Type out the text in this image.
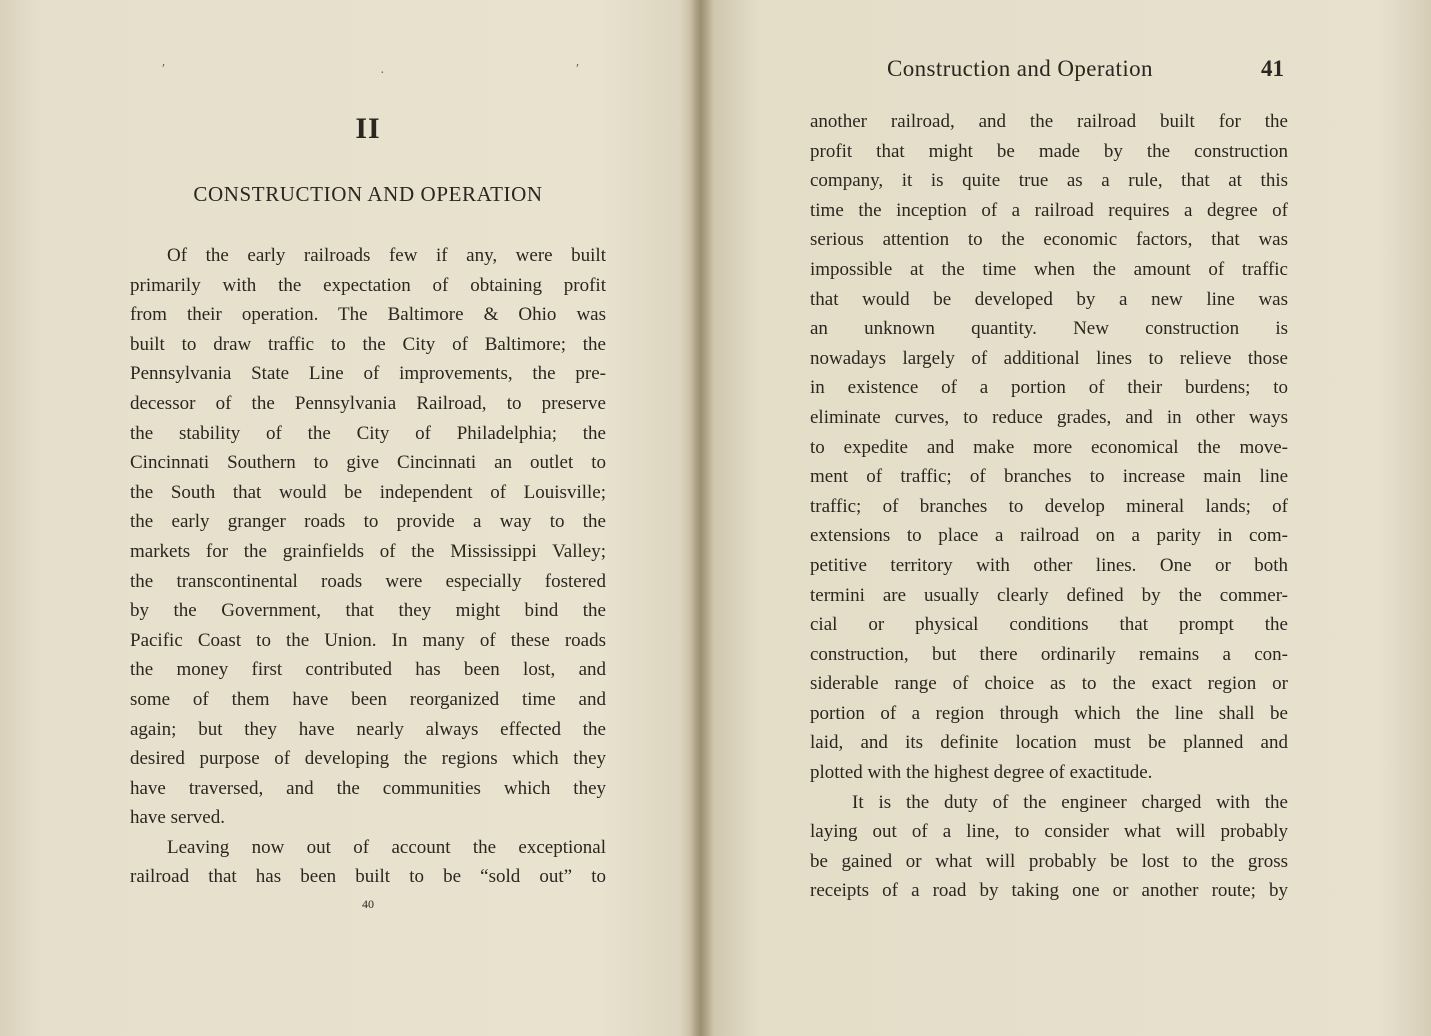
′	·	′
II
CONSTRUCTION AND OPERATION
Of the early railroads few if any, were built
primarily with the expectation of obtaining profit
from their operation. The Baltimore & Ohio was
built to draw traffic to the City of Baltimore; the
Pennsylvania State Line of improvements, the pre-
decessor of the Pennsylvania Railroad, to preserve
the stability of the City of Philadelphia; the
Cincinnati Southern to give Cincinnati an outlet to
the South that would be independent of Louisville;
the early granger roads to provide a way to the
markets for the grainfields of the Mississippi Valley;
the transcontinental roads were especially fostered
by the Government, that they might bind the
Pacific Coast to the Union. In many of these roads
the money first contributed has been lost, and
some of them have been reorganized time and
again; but they have nearly always effected the
desired purpose of developing the regions which they
have traversed, and the communities which they
have served.
Leaving now out of account the exceptional
railroad that has been built to be “sold out” to
40
Construction and Operation	41
another railroad, and the railroad built for the
profit that might be made by the construction
company, it is quite true as a rule, that at this
time the inception of a railroad requires a degree of
serious attention to the economic factors, that was
impossible at the time when the amount of traffic
that would be developed by a new line was
an unknown quantity. New construction is
nowadays largely of additional lines to relieve those
in existence of a portion of their burdens; to
eliminate curves, to reduce grades, and in other ways
to expedite and make more economical the move-
ment of traffic; of branches to increase main line
traffic; of branches to develop mineral lands; of
extensions to place a railroad on a parity in com-
petitive territory with other lines. One or both
termini are usually clearly defined by the commer-
cial or physical conditions that prompt the
construction, but there ordinarily remains a con-
siderable range of choice as to the exact region or
portion of a region through which the line shall be
laid, and its definite location must be planned and
plotted with the highest degree of exactitude.
It is the duty of the engineer charged with the
laying out of a line, to consider what will probably
be gained or what will probably be lost to the gross
receipts of a road by taking one or another route; by
